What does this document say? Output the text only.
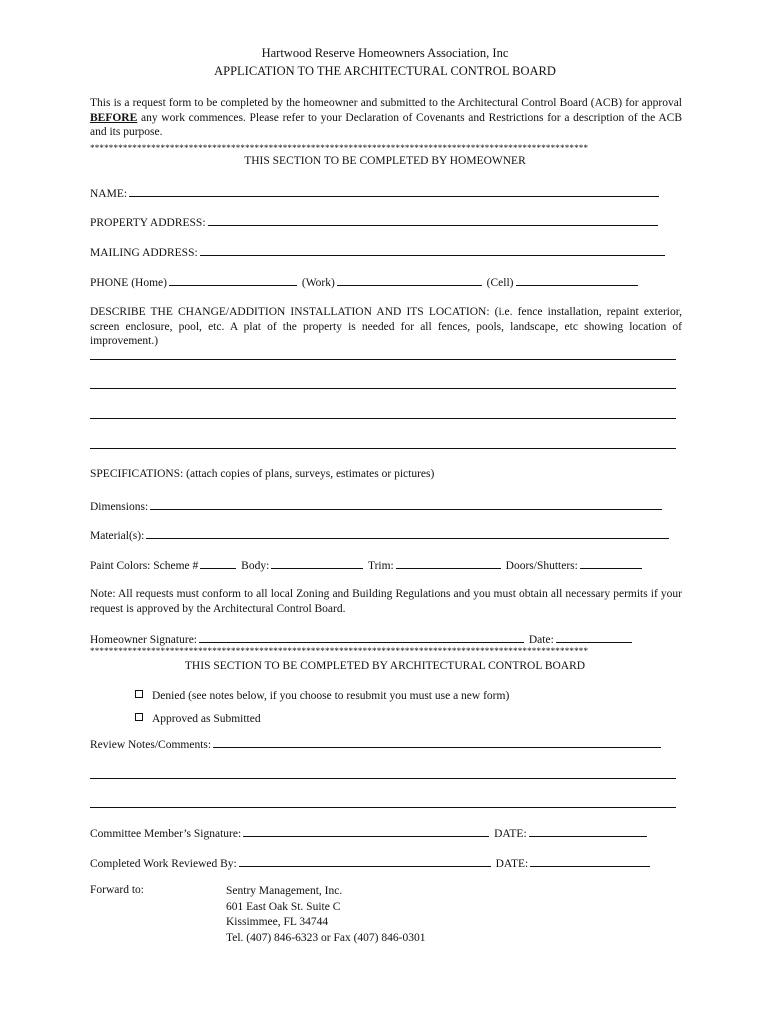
Hartwood Reserve Homeowners Association, Inc
APPLICATION TO THE ARCHITECTURAL CONTROL BOARD
This is a request form to be completed by the homeowner and submitted to the Architectural Control Board (ACB) for approval BEFORE any work commences. Please refer to your Declaration of Covenants and Restrictions for a description of the ACB and its purpose.
**********************************************************************************************************
THIS SECTION TO BE COMPLETED BY HOMEOWNER
NAME:
PROPERTY ADDRESS:
MAILING ADDRESS:
PHONE (Home)	(Work)	(Cell)
DESCRIBE THE CHANGE/ADDITION INSTALLATION AND ITS LOCATION: (i.e. fence installation, repaint exterior, screen enclosure, pool, etc. A plat of the property is needed for all fences, pools, landscape, etc showing location of improvement.)
SPECIFICATIONS: (attach copies of plans, surveys, estimates or pictures)
Dimensions:
Material(s):
Paint Colors: Scheme #	Body:	Trim:	Doors/Shutters:
Note: All requests must conform to all local Zoning and Building Regulations and you must obtain all necessary permits if your request is approved by the Architectural Control Board.
Homeowner Signature:	Date:
**********************************************************************************************************
THIS SECTION TO BE COMPLETED BY ARCHITECTURAL CONTROL BOARD
Denied (see notes below, if you choose to resubmit you must use a new form)
Approved as Submitted
Review Notes/Comments:
Committee Member’s Signature:	DATE:
Completed Work Reviewed By:	DATE:
Forward to:	Sentry Management, Inc.
601 East Oak St. Suite C
Kissimmee, FL 34744
Tel. (407) 846-6323 or Fax (407) 846-0301
